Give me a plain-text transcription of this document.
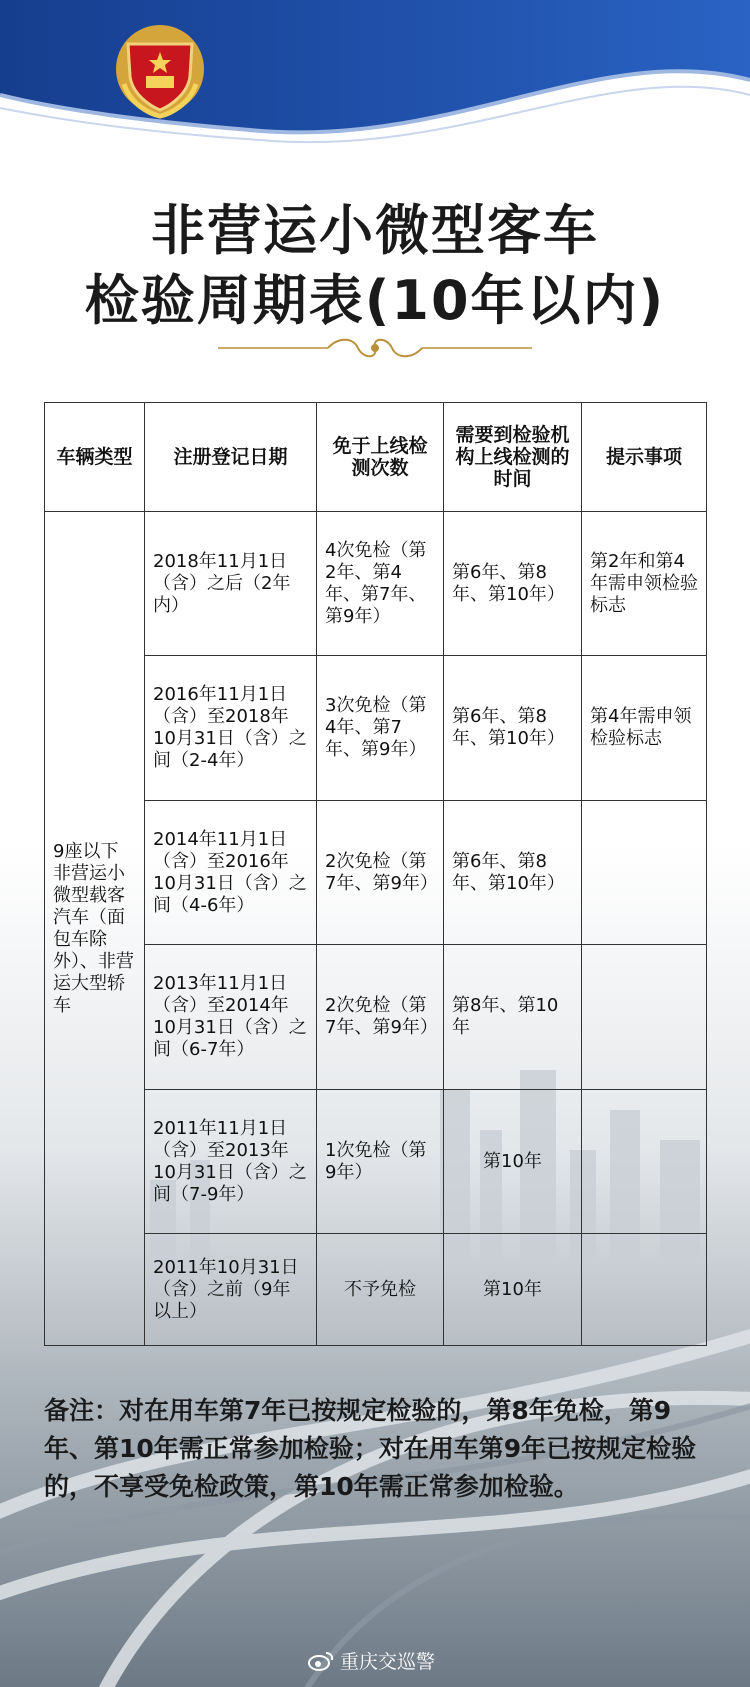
非营运小微型客车
检验周期表(10年以内)
车辆类型	注册登记日期	免于上线检测次数	需要到检验机构上线检测的时间	提示事项
9座以下非营运小微型载客汽车（面包车除外）、非营运大型轿车	2018年11月1日（含）之后（2年内）	4次免检（第2年、第4年、第7年、第9年）	第6年、第8年、第10年）	第2年和第4年需申领检验标志
	2016年11月1日（含）至2018年10月31日（含）之间（2-4年）	3次免检（第4年、第7年、第9年）	第6年、第8年、第10年）	第4年需申领检验标志
	2014年11月1日（含）至2016年10月31日（含）之间（4-6年）	2次免检（第7年、第9年）	第6年、第8年、第10年）	
	2013年11月1日（含）至2014年10月31日（含）之间（6-7年）	2次免检（第7年、第9年）	第8年、第10年	
	2011年11月1日（含）至2013年10月31日（含）之间（7-9年）	1次免检（第9年）	第10年	
	2011年10月31日（含）之前（9年以上）	不予免检	第10年	
备注：对在用车第7年已按规定检验的，第8年免检，第9年、第10年需正常参加检验；对在用车第9年已按规定检验的，不享受免检政策，第10年需正常参加检验。
重庆交巡警
